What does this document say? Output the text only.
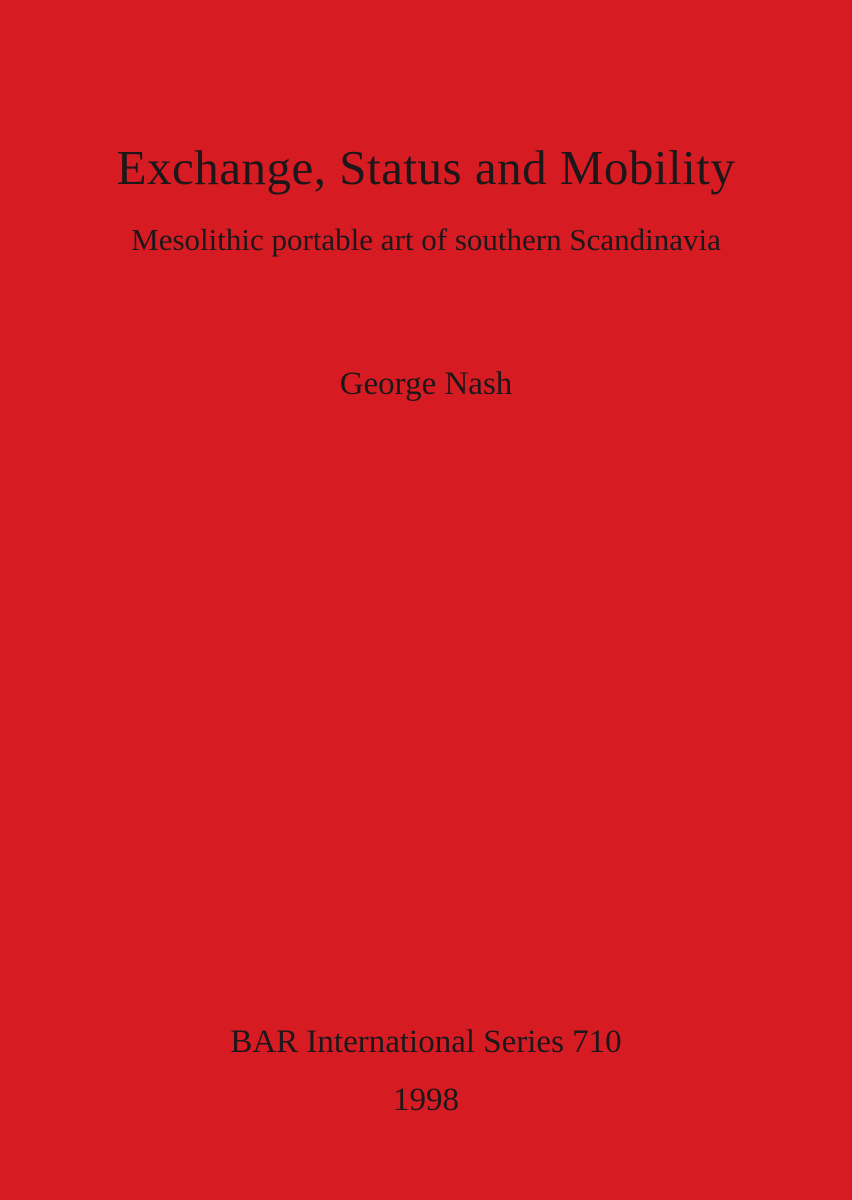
Exchange, Status and Mobility
Mesolithic portable art of southern Scandinavia
George Nash
BAR International Series 710
1998
